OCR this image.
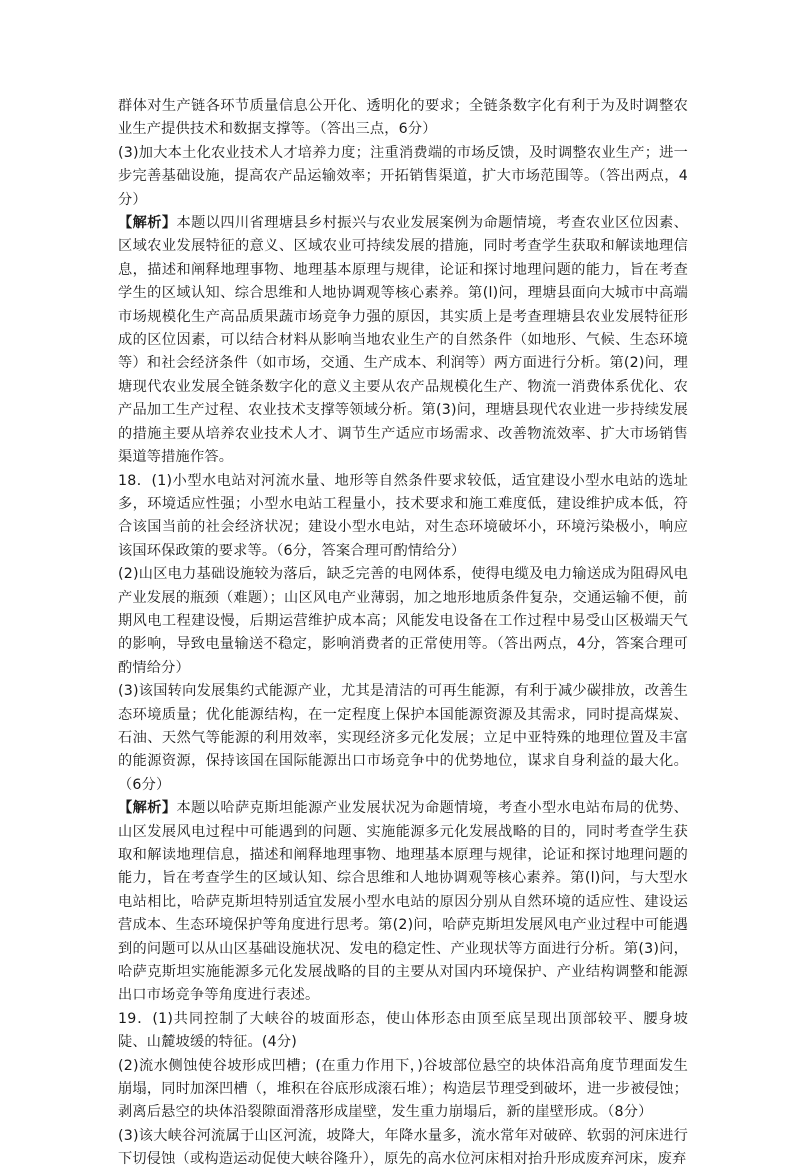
群体对生产链各环节质量信息公开化、透明化的要求；全链条数字化有利于为及时调整农业生产提供技术和数据支撑等。（答出三点，6分）

(3)加大本土化农业技术人才培养力度；注重消费端的市场反馈，及时调整农业生产；进一步完善基础设施，提高农产品运输效率；开拓销售渠道，扩大市场范围等。（答出两点，4分）

【解析】本题以四川省理塘县乡村振兴与农业发展案例为命题情境，考查农业区位因素、区域农业发展特征的意义、区域农业可持续发展的措施，同时考查学生获取和解读地理信息，描述和阐释地理事物、地理基本原理与规律，论证和探讨地理问题的能力，旨在考查学生的区域认知、综合思维和人地协调观等核心素养。第(l)问，理塘县面向大城市中高端市场规模化生产高品质果蔬市场竞争力强的原因，其实质上是考查理塘县农业发展特征形成的区位因素，可以结合材料从影响当地农业生产的自然条件（如地形、气候、生态环境等）和社会经济条件（如市场，交通、生产成本、利润等）两方面进行分析。第(2)问，理塘现代农业发展全链条数字化的意义主要从农产品规模化生产、物流一消费体系优化、农产品加工生产过程、农业技术支撑等领域分析。第(3)问，理塘县现代农业进一步持续发展的措施主要从培养农业技术人才、调节生产适应市场需求、改善物流效率、扩大市场销售渠道等措施作答。

18．(1)小型水电站对河流水量、地形等自然条件要求较低，适宜建设小型水电站的选址多，环境适应性强；小型水电站工程量小，技术要求和施工难度低，建设维护成本低，符合该国当前的社会经济状况；建设小型水电站，对生态环境破坏小，环境污染极小，响应该国环保政策的要求等。（6分，答案合理可酌情给分）

(2)山区电力基础设施较为落后，缺乏完善的电网体系，使得电缆及电力输送成为阻碍风电产业发展的瓶颈（难题）；山区风电产业薄弱，加之地形地质条件复杂，交通运输不便，前期风电工程建设慢，后期运营维护成本高；风能发电设备在工作过程中易受山区极端天气的影响，导致电量输送不稳定，影响消费者的正常使用等。（答出两点，4分，答案合理可酌情给分）

(3)该国转向发展集约式能源产业，尤其是清洁的可再生能源，有利于减少碳排放，改善生态环境质量；优化能源结构，在一定程度上保护本国能源资源及其需求，同时提高煤炭、石油、天然气等能源的利用效率，实现经济多元化发展；立足中亚特殊的地理位置及丰富的能源资源，保持该国在国际能源出口市场竞争中的优势地位，谋求自身利益的最大化。（6分）

【解析】本题以哈萨克斯坦能源产业发展状况为命题情境，考查小型水电站布局的优势、山区发展风电过程中可能遇到的问题、实施能源多元化发展战略的目的，同时考查学生获取和解读地理信息，描述和阐释地理事物、地理基本原理与规律，论证和探讨地理问题的能力，旨在考查学生的区域认知、综合思维和人地协调观等核心素养。第(l)问，与大型水电站相比，哈萨克斯坦特别适宜发展小型水电站的原因分别从自然环境的适应性、建设运营成本、生态环境保护等角度进行思考。第(2)问，哈萨克斯坦发展风电产业过程中可能遇到的问题可以从山区基础设施状况、发电的稳定性、产业现状等方面进行分析。第(3)问，哈萨克斯坦实施能源多元化发展战略的目的主要从对国内环境保护、产业结构调整和能源出口市场竞争等角度进行表述。

19．(1)共同控制了大峡谷的坡面形态，使山体形态由顶至底呈现出顶部较平、腰身坡陡、山麓坡缓的特征。(4分)

(2)流水侧蚀使谷坡形成凹槽；(在重力作用下，)谷坡部位悬空的块体沿高角度节理面发生崩塌，同时加深凹槽（，堆积在谷底形成滚石堆）；构造层节理受到破坏，进一步被侵蚀；剥离后悬空的块体沿裂隙面滑落形成崖壁，发生重力崩塌后，新的崖壁形成。（8分）

(3)该大峡谷河流属于山区河流，坡降大，年降水量多，流水常年对破碎、软弱的河床进行下切侵蚀（或构造运动促使大峡谷隆升），原先的高水位河床相对抬升形成废弃河床，废弃
